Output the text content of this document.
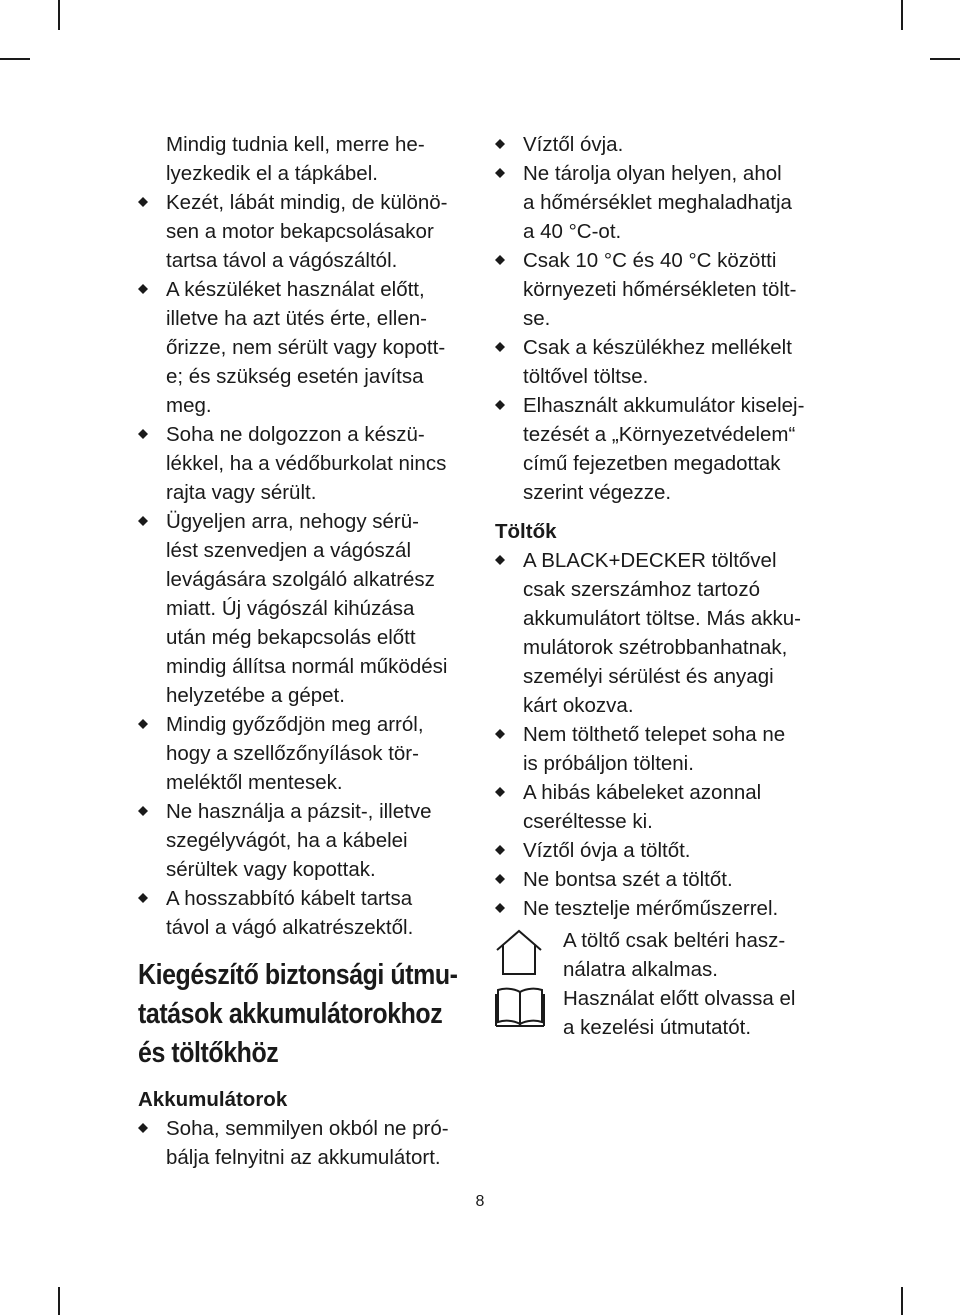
Mindig tudnia kell, merre he-
lyezkedik el a tápkábel.
Kezét, lábát mindig, de különö-
sen a motor bekapcsolásakor
tartsa távol a vágószáltól.
A készüléket használat előtt,
illetve ha azt ütés érte, ellen-
őrizze, nem sérült vagy kopott-
e; és szükség esetén javítsa
meg.
Soha ne dolgozzon a készü-
lékkel, ha a védőburkolat nincs
rajta vagy sérült.
Ügyeljen arra, nehogy sérü-
lést szenvedjen a vágószál
levágására szolgáló alkatrész
miatt. Új vágószál kihúzása
után még bekapcsolás előtt
mindig állítsa normál működési
helyzetébe a gépet.
Mindig győződjön meg arról,
hogy a szellőzőnyílások tör-
meléktől mentesek.
Ne használja a pázsit-, illetve
szegélyvágót, ha a kábelei
sérültek vagy kopottak.
A hosszabbító kábelt tartsa
távol a vágó alkatrészektől.
Kiegészítő biztonsági útmu-
tatások akkumulátorokhoz
és töltőkhöz
Akkumulátorok
Soha, semmilyen okból ne pró-
bálja felnyitni az akkumulátort.
Víztől óvja.
Ne tárolja olyan helyen, ahol
a hőmérséklet meghaladhatja
a 40 °C-ot.
Csak 10 °C és 40 °C közötti
környezeti hőmérsékleten tölt-
se.
Csak a készülékhez mellékelt
töltővel töltse.
Elhasznált akkumulátor kiselej-
tezését a „Környezetvédelem“
című fejezetben megadottak
szerint végezze.
Töltők
A BLACK+DECKER töltővel
csak szerszámhoz tartozó
akkumulátort töltse. Más akku-
mulátorok szétrobbanhatnak,
személyi sérülést és anyagi
kárt okozva.
Nem tölthető telepet soha ne
is próbáljon tölteni.
A hibás kábeleket azonnal
cseréltesse ki.
Víztől óvja a töltőt.
Ne bontsa szét a töltőt.
Ne tesztelje mérőműszerrel.
A töltő csak beltéri hasz-
nálatra alkalmas.
Használat előtt olvassa el
a kezelési útmutatót.
8
